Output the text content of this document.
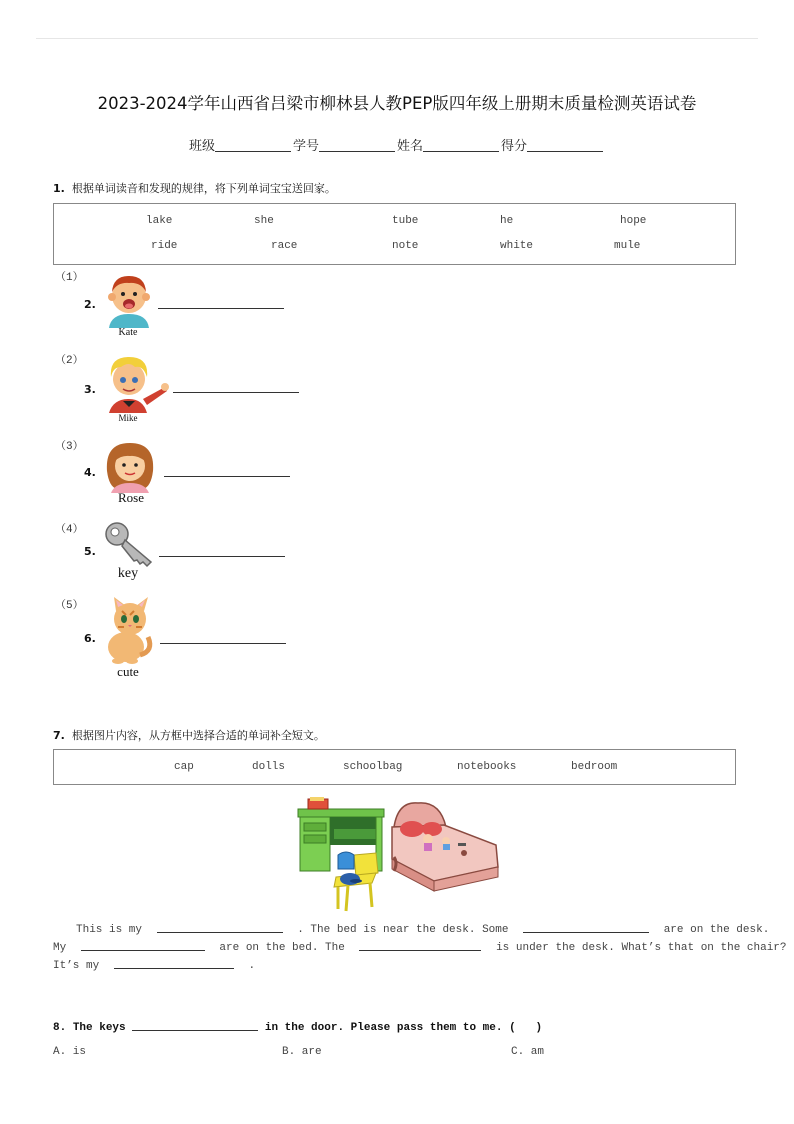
2023-2024学年山西省吕梁市柳林县人教PEP版四年级上册期末质量检测英语试卷
班级	学号	姓名	得分
1. 根据单词读音和发现的规律，将下列单词宝宝送回家。
lake	she	tube	he	hope
ride	race	note	white	mule
（1）
2.
Kate
（2）
3.
Mike
（3）
4.
Rose
（4）
5.
key
（5）
6.
cute
7. 根据图片内容，从方框中选择合适的单词补全短文。
cap	dolls	schoolbag	notebooks	bedroom
This is my	. The bed is near the desk. Some	are on the desk.
My	are on the bed. The	is under the desk. What’s that on the chair?
It’s my	.
8. The keys	in the door. Please pass them to me. (   )
A. is	B. are	C. am
